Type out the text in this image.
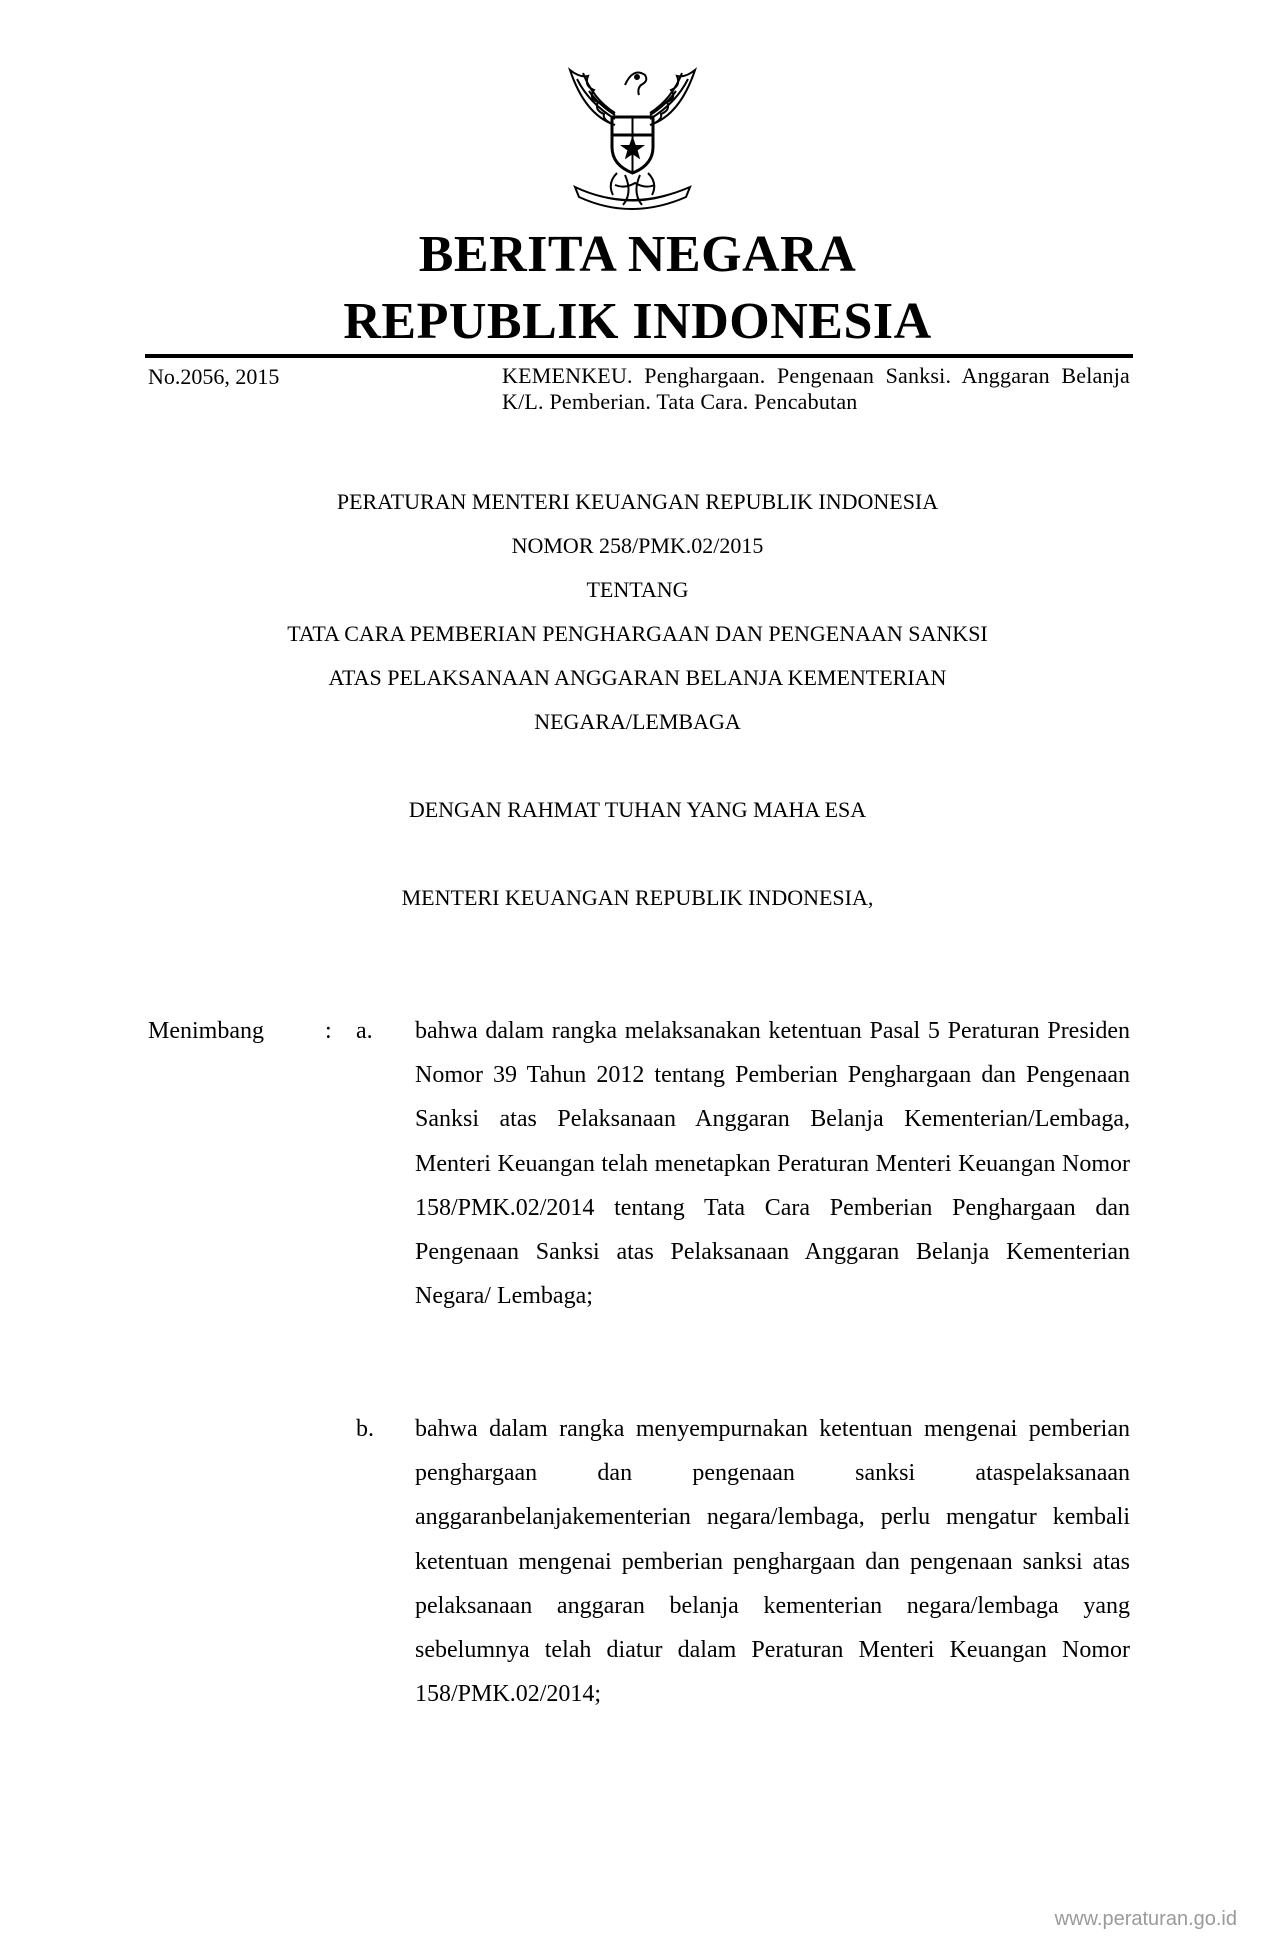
BERITA NEGARA
REPUBLIK INDONESIA
No.2056, 2015	KEMENKEU. Penghargaan. Pengenaan Sanksi. Anggaran Belanja K/L. Pemberian. Tata Cara. Pencabutan
PERATURAN MENTERI KEUANGAN REPUBLIK INDONESIA
NOMOR 258/PMK.02/2015
TENTANG
TATA CARA PEMBERIAN PENGHARGAAN DAN PENGENAAN SANKSI
ATAS PELAKSANAAN ANGGARAN BELANJA KEMENTERIAN
NEGARA/LEMBAGA
DENGAN RAHMAT TUHAN YANG MAHA ESA
MENTERI KEUANGAN REPUBLIK INDONESIA,
Menimbang	: a. bahwa dalam rangka melaksanakan ketentuan Pasal 5 Peraturan Presiden Nomor 39 Tahun 2012 tentang Pemberian Penghargaan dan Pengenaan Sanksi atas Pelaksanaan Anggaran Belanja Kementerian/Lembaga, Menteri Keuangan telah menetapkan Peraturan Menteri Keuangan Nomor 158/PMK.02/2014 tentang Tata Cara Pemberian Penghargaan dan Pengenaan Sanksi atas Pelaksanaan Anggaran Belanja Kementerian Negara/ Lembaga;

b. bahwa dalam rangka menyempurnakan ketentuan mengenai pemberian penghargaan dan pengenaan sanksi ataspelaksanaan anggaranbelanjakementerian negara/lembaga, perlu mengatur kembali ketentuan mengenai pemberian penghargaan dan pengenaan sanksi atas pelaksanaan anggaran belanja kementerian negara/lembaga yang sebelumnya telah diatur dalam Peraturan Menteri Keuangan Nomor 158/PMK.02/2014;

www.peraturan.go.id
